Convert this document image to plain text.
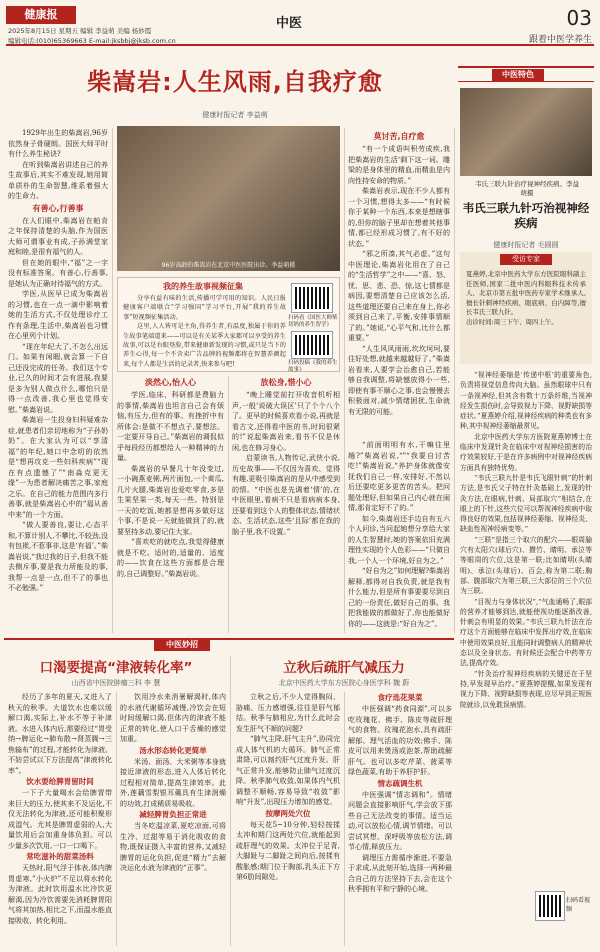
健康报
2025年8月15日 星期五 编辑 李益萌 美编 杨妙霞
编辑电话:(010)65369663 E-mail:jksbbj@jksb.com.cn
中医	03
跟着中医学养生
柴嵩岩:人生风雨,自我疗愈
健康时报记者 李益萌

1929年出生的柴嵩岩,96岁依然身子骨硬朗。国医大师平时有什么养生秘诀?

在听到柴嵩岩讲述自己的养生故事后,其实不难发现,她用简单质朴的生命智慧,维系着强大的生命力。

有善心,行善事

在人们眼中,柴嵩岩在帕肯之年保持清楚的头脑,作为国医大师可谓事业有成,子孙满堂家庭和睦,是很有福气的人。

但在她的眼中,“福”之一字没有标准答案。有善心,行善事,是她认为正确对待福气的方式。

学医,从医早已成为柴嵩岩的习惯,也在一点一滴中影响着她的生活方式,不仅处理诊疗工作有条理,生活中,柴嵩岩也习惯在心里列个计划。

“现在年纪大了,不怎么出远门。如果有闲暇,就会算一下自己还没完成的任务。我们这个专业,已久的时间才会有进展,我要是多为别人做点什么,哪怕只是得一点改善,我心里也觉得安慰。”柴嵩岩说。

柴嵩岩一生投身妇科疑难杂症,就患者们亲切地称为“子孙奶奶”。在大家认为可以“享清福”的年纪,她口中念叨的依然是“想再攻克一些妇科疾病”“现在有点遗憾了”“南淼克更无缘”一为患者解决痛苦之事,家庭之乐。在自己的能力范围内多行善事,就是柴嵩岩心中的“福从善中来”的一个方面。

“做人要善良,要让,心态平和,不算计别人,不攀比,不较劲,没有包袱,不惹事非,这是‘有福’。”柴嵩岩说,“我过我的日子,但我不能去侧斥事,要是我力所能及的事,我帮一点是一点,但不了的事也不必勉强。”

96岁高龄的柴嵩岩在北京中医医院出诊。李益萌摄
我的养生故事视频征集

分享有益有味的生活,传播可学可用的知识。人民日报健康客户端联合“学习强国”学习平台,开展“我的养生故事”短视频征集活动。

这里,人人皆可是主角,得养生者,有温度,独属于你的养生故事笔端道来——可以是有关某季大家都可以享受的养生故事,可以是右眼登脸,带来健康新发现的习惯,或只是当下的养生心得,每一个不含卖广告品牌的视频都将在智慧养颜起来,每个人都是生活的记录者,快来参与吧!

扫码看《国医大师柴切奶的养生智学》
扫码投稿《我的养生故事》
淡然心,怡人心

学医,临床、科研都是费脑力的事情,柴嵩岩也坦言自己会有烦恼,有压力,但有的事。有挫折中有所体会:是做不不想点子,要想法。一定要开导自己。”柴嵩岩的调侃似乎每段经历都想给人一种精神的力量。

柴嵩岩的早餐几十年没变过,一小碗燕麦粥,两片面包,一个黄瓜,几片火腿,柴嵩岩也爱吃零食,多是生果坚果一类,每天一些。特别是一天的吃饭,她都是想再多做好这个事,不是说一天就能做到了的,就要坚持多动,要记住大家。

“喜欢吃的就吃点,我觉得健康就是不吃。适时的,适量的、适度的——饮食在这些方面都是合理的,自己调整好。”柴嵩岩说。

放松身,惜小心

“晚上睡觉前打开收音机听相声,一般‘说破大误区’只了个个八个了。更早的时候喜欢看小说,再就是看古文,还得看中医的书,时间很紧的!”说起柴嵩岩来,看书不仅是休闲,也在修习身心。

启蒙读书,人物传记,武侠小说,历史故事——不仅因为喜欢、觉得有趣,更吸引柴嵩岩的是从中感受到的情。“中医也是先调着‘情’的,在中医眼里,看病不只是看病病本身,还要看到这个人的整体状态,情绪状态、生活状态,这些‘且际’都在我的脑子里,我不设置。”

莫讨苦,自疗愈

“有一个成语叫积劳成疾,我把柴嵩岩的生活‘剩下这一词。雕梁的是身体里的精血,而精血是内向性持安命的物质。”

柴嵩岩表示,现在不少人都有一个习惯,想得太多——“有时候你于某种一个东西,本来是想瞎事的,但你的脑子里却在想着其他事情,都已经形成习惯了,有不好的状态。”

“邪之所凑,其气必虚。”这句中医理论,柴嵩岩化用在了自己的“生活哲学”之中——“喜、怒、忧、思、悲、恐、惊,这七情都是病因,要想清楚自己应该怎么活,这些道理还要自己来在身上,你必须到自己来了,平衡,安排事情顺了的。”她说,“心平气和,比什么都重要。”

“人生风风雨雨,坎坎坷坷,要往好处想,就越来越越好了。”柴嵩岩看来,人要学会治愈自己,若能够自我调整,将缺憾放得小一些,即使有事不顺心之事,也会慢慢去积极面对,减少情绪困扰,生命就有无限的可能。

中医特色
韦氏三联九针治疗视神经疾病。李益萌摄
韦氏三联九针巧治视神经疾病
健康时报记者 毛圆圆
受访专家
夏燕婷,北京中医药大学东方医院眼科副主任医师,国家二批中医内科眼科技术传承人、北京市第五批中医药专家学术继承人,擅长针刺神经疾病、眼底病、白内障等,擅长韦氏三联九针。
出诊时间:周三下午、周四上午。

“视神经萎缩是‘传递中枢’的重要角色,负责将视觉信息传向大脑。虽然眼球中只有一条视神经,但其含有数十万条纤维,当视神经发生损伤时,会导致视力下降、视野缺损等症状。”夏燕婷介绍,视神经疾病的种类也有多种,其中视神经萎缩最常见。

北京中医药大学东方医院夏燕婷博士在临床中发现针灸在临床中对视神经损害的治疗效果较好,于是在许多病例中对视神经疾病方面具有独特优势。

“韦氏三联九针是韦氏飞眼针刺”的针刺方法,是韦氏父子特在针灸基础上,发现的针灸方法,在眼病,针刺、局部取穴“相结合,在眼上的下针,这些穴位可以帮视神经疾病中取得良好的效果,包括视神经萎缩、视神经炎、缺血性视神经病变等。”

“三联”是指三个取穴的配穴——眼周腧穴有太阳穴(球后穴)、攒竹、睛明、承泣等等眼周的穴位,这是第一联;比如睛明(头睛明)、承泣(头球后)、百会,称为第二联;胸部、腹部取穴为第三联,三大部位的三个穴位为三联。

“目视力与身体状况”,“气血通畅了,眼部的营养才能够到达,就能使视功能逐渐改善,针刺会有明显的效果。”韦氏三联九针法在治疗这个方面能够在临床中发挥出疗效,在临床中使用效果良好,且能同时调整病人的精神状态以及全身状态。有时候还会配合中药等方法,提高疗效。

“针灸治疗视神经疾病的关键还在于坚持,早发现早治疗。”夏燕婷提醒,如果发现有视力下降、视野缺损等表现,应尽早到正规医院就诊,以免耽误病情。

扫码看视频
中医妙招
口渴要提高“津液转化率”
山西省中医院肿瘤三科 李 慧

经历了多年的夏天,又进入了秋天的秋季。大道饮水也难以缓解口渴,实际上,补水不等于补津液。水进入体内后,需要经过“胃受纳→脾运化→肺布散→肾蒸腾→三焦输布”的过程,才能转化为津液。不妨尝试以下方法提高“津液转化率”。

饮水要给脾胃留时间

一下子大量喝水会给脾胃带来巨大的压力,使其来不及运化,不仅无法转化为津液,还可能积聚形成湿气。尤其是脾胃虚弱的人,大量饮用后会加重身体负担。可以少量多次饮用,一口一口喝下。

常吃滋补的甜菜汤料

天热时,阳气浮于体表,体内脾胃虚寒,”小火炉”不足以将水转化为津液。此时饮用温水比冷饮更解渴,因为冷饮需要先消耗脾胃阳气将其加热,相比之下,而温水能直接吸收、转化利用。

饮用冷水来消暑解渴时,体内的水液代谢循环减慢,冷饮会在短时间缓解口渴,但体内的津液不能正常的转化,使人口干舌燥的感觉加重。

汤水形态转化更简单

米汤、面汤、大米粥等本身就接近津液的形态,进入人体后转化过程相对简单,提高生津效率。此外,莲藕雪梨银耳羹具有生津润燥的功效,打成稀质易吸收。

减轻脾胃负担正常进

当冬吃温凉菜,夏吃凉面,可将生冷、过甜等易于消化吸收的食物,既保证摄入丰富的营养,又减轻脾胃的运化负担,促进“精力”去解决运化水液为津液的“正事”。

立秋后疏肝气减压力
北京中医药大学东方医院心身医学科 魏 蔚

立秋之后,不少人觉得胸闷、胁痛、压力感增强,往往是肝气郁结。秋季与肺相应,为什么此时会发生肝气不顺的问题?

“肺气主降,肝气主升”,协同完成人体气机的大循环。肺气正常肃降,可以制约肝气过度升发。肝气正常升发,能够防止肺气过度沉降。秋季肺气收敛,如果体内气机调整不顺畅,容易导致“收敛”影响“升发”,出现压力增加的感觉。

按摩两处穴位

每天花5~10分钟,轻轻按揉太冲和期门这两处穴位,就能起到疏肝理气的效果。太冲位于足背,大脚趾与二脚趾之间向后,按揉有酸胀感;期门位于胸部,乳头正下方第6肋间隙处。

食疗选花果菜

中医强调“药食同源”,可以多吃玫瑰花、佛手、陈皮等疏肝理气的食物。玫瑰花泡水,具有疏肝解郁、理气活血的功效;佛手、陈皮可以用来煲汤或泡茶,帮助疏解肝气。也可以多吃芹菜、菠菜等绿色蔬菜,有助于养肝护肝。

情志疏调生机

中医强调“情志调和”。情绪问题会直接影响肝气,学会放下那些自己无法改变的事情。适当运动,可以放松心情,调节情绪。可以尝试冥想、深呼吸等放松方法,调节心情,释放压力。

调理压力需循序渐进,不要急于求成,从此刻开始,选择一两种最合自己的方法坚持下去,会在这个秋季拥有平和宁静的心境。

“前面明明有水,干嘛往里趟?”柴嵩岩说,“”“我要自讨苦吃!”柴嵩岩说,“养护身体就像安抚我们自己一样,安排好,不然以后还要吃更多更苦的苦头。把问题处理好,但如果自己内心就在闹情,那肯定好不了的。”

如今,柴嵩岩还手边自有五六个人问诊,当问起她想分享给大家的人生智慧时,她的答案依旧充满理性实现的个人色彩——“只做自我,一个人一个环境,好自为之。”

“好自为之”如何理解?柴嵩岩解释,都得对自我负责,就是我有什么能力,但是所有事要要尽到自己的一份责任,做好自己的事。我把我能做的都做好了,你也能做好你的——这就是:“好自为之”。
